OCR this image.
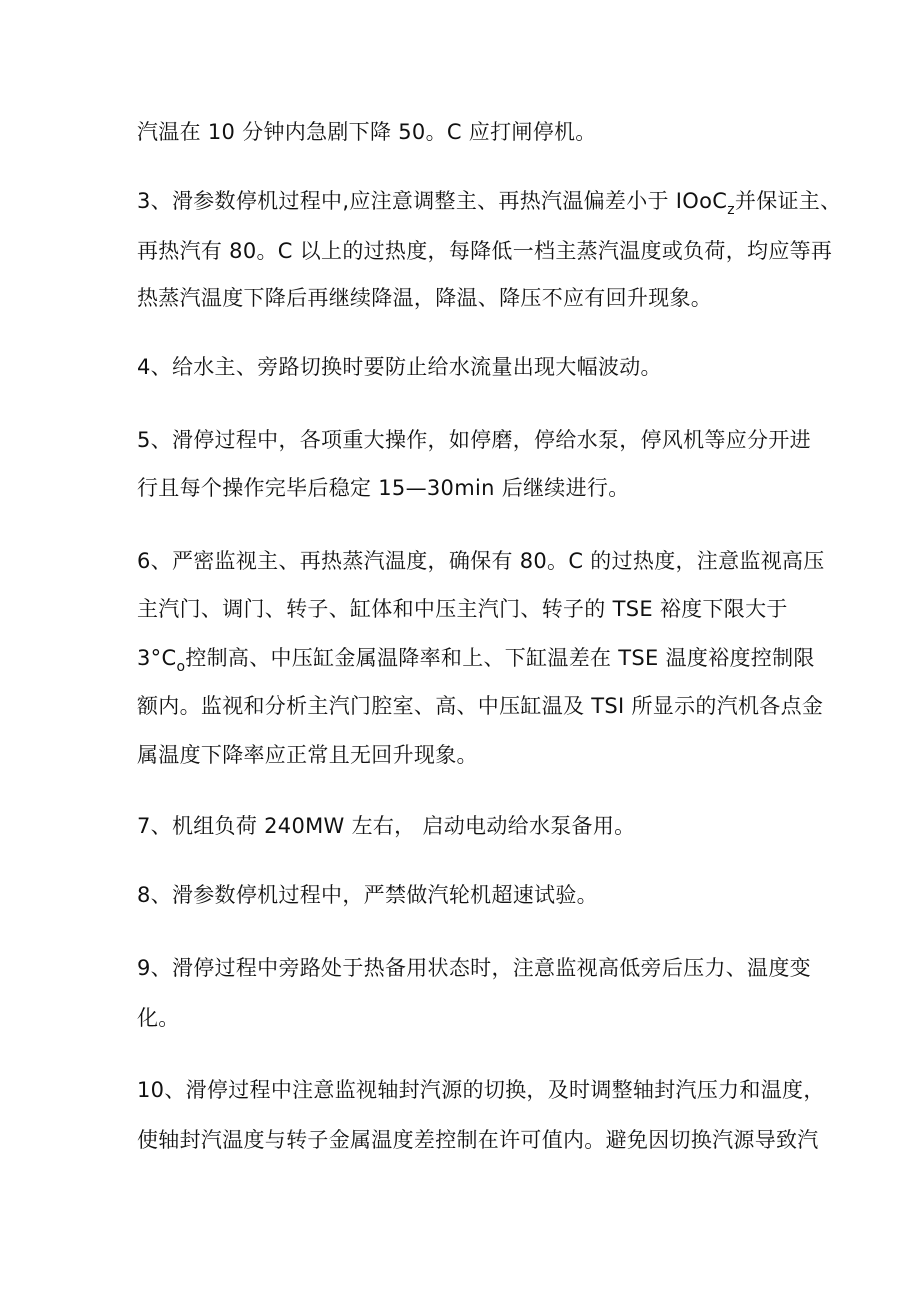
汽温在 10 分钟内急剧下降 50。C 应打闸停机。
3、滑参数停机过程中,应注意调整主、再热汽温偏差小于 IOoC$_z$并保证主、
再热汽有 80。C 以上的过热度，每降低一档主蒸汽温度或负荷，均应等再
热蒸汽温度下降后再继续降温，降温、降压不应有回升现象。
4、给水主、旁路切换时要防止给水流量出现大幅波动。
5、滑停过程中，各项重大操作，如停磨，停给水泵，停风机等应分开进
行且每个操作完毕后稳定 15—30min 后继续进行。
6、严密监视主、再热蒸汽温度，确保有 80。C 的过热度，注意监视高压
主汽门、调门、转子、缸体和中压主汽门、转子的 TSE 裕度下限大于
$3^\circ C_o$控制高、中压缸金属温降率和上、下缸温差在 TSE 温度裕度控制限
额内。监视和分析主汽门腔室、高、中压缸温及 TSI 所显示的汽机各点金
属温度下降率应正常且无回升现象。
7、机组负荷 240MW 左右， 启动电动给水泵备用。
8、滑参数停机过程中，严禁做汽轮机超速试验。
9、滑停过程中旁路处于热备用状态时，注意监视高低旁后压力、温度变
化。
10、滑停过程中注意监视轴封汽源的切换，及时调整轴封汽压力和温度，
使轴封汽温度与转子金属温度差控制在许可值内。避免因切换汽源导致汽
